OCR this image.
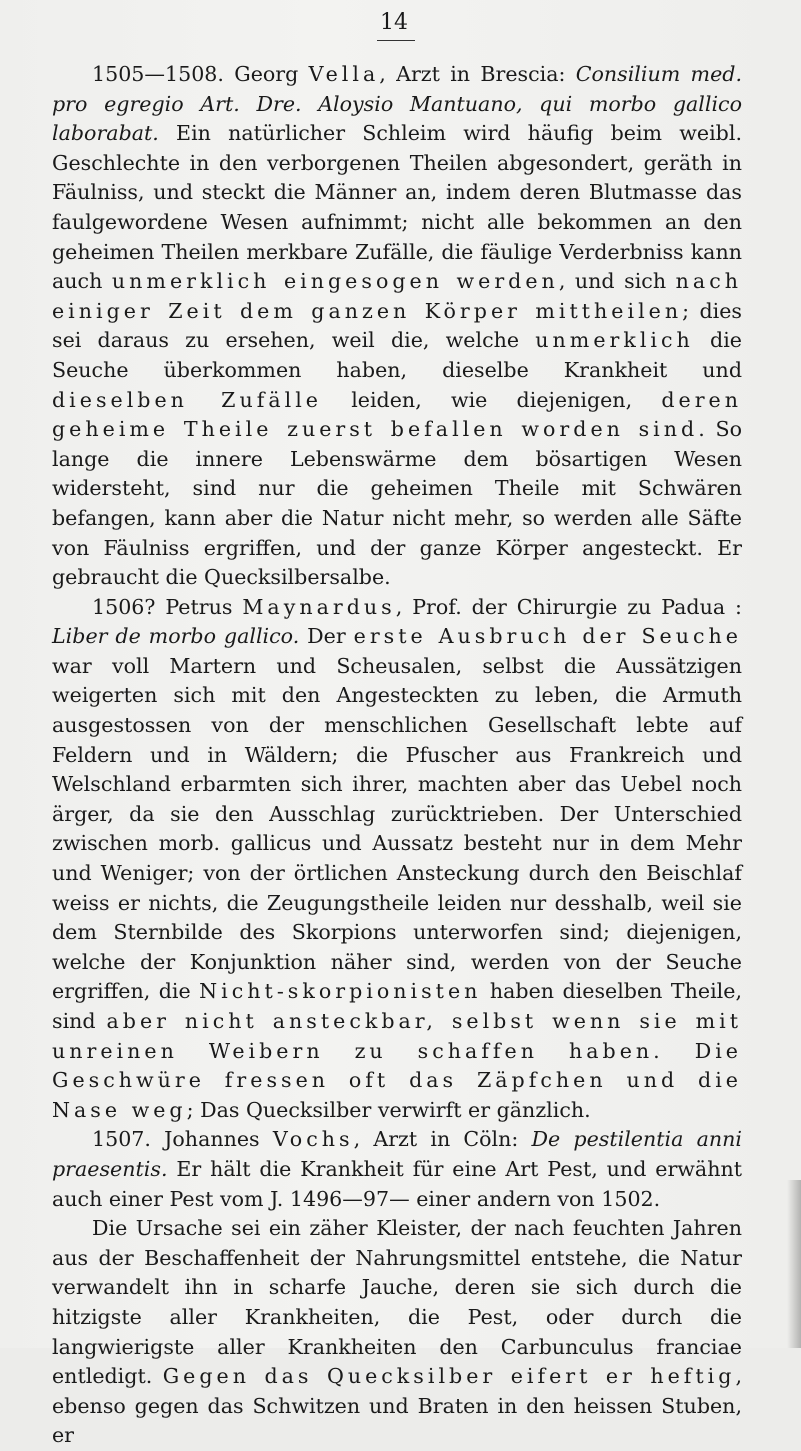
14

1505—1508. Georg Vella, Arzt in Brescia: Consilium med. pro egregio Art. Dre. Aloysio Mantuano, qui morbo gallico laborabat. Ein natürlicher Schleim wird häufig beim weibl. Geschlechte in den verborgenen Theilen abgesondert, geräth in Fäulniss, und steckt die Männer an, indem deren Blutmasse das faulgewordene Wesen aufnimmt; nicht alle bekommen an den geheimen Theilen merkbare Zufälle, die fäulige Verderbniss kann auch unmerklich eingesogen werden, und sich nach einiger Zeit dem ganzen Körper mittheilen; dies sei daraus zu ersehen, weil die, welche unmerklich die Seuche überkommen haben, dieselbe Krankheit und dieselben Zufälle leiden, wie diejenigen, deren geheime Theile zuerst befallen worden sind. So lange die innere Lebenswärme dem bösartigen Wesen widersteht, sind nur die geheimen Theile mit Schwären befangen, kann aber die Natur nicht mehr, so werden alle Säfte von Fäulniss ergriffen, und der ganze Körper angesteckt. Er gebraucht die Quecksilbersalbe.

1506? Petrus Maynardus, Prof. der Chirurgie zu Padua : Liber de morbo gallico. Der erste Ausbruch der Seuche war voll Martern und Scheusalen, selbst die Aussätzigen weigerten sich mit den Angesteckten zu leben, die Armuth ausgestossen von der menschlichen Gesellschaft lebte auf Feldern und in Wäldern; die Pfuscher aus Frankreich und Welschland erbarmten sich ihrer, machten aber das Uebel noch ärger, da sie den Ausschlag zurücktrieben. Der Unterschied zwischen morb. gallicus und Aussatz besteht nur in dem Mehr und Weniger; von der örtlichen Ansteckung durch den Beischlaf weiss er nichts, die Zeugungstheile leiden nur desshalb, weil sie dem Sternbilde des Skorpions unterworfen sind; diejenigen, welche der Konjunktion näher sind, werden von der Seuche ergriffen, die Nicht-skorpionisten haben dieselben Theile, sind aber nicht ansteckbar, selbst wenn sie mit unreinen Weibern zu schaffen haben. Die Geschwüre fressen oft das Zäpfchen und die Nase weg; Das Quecksilber verwirft er gänzlich.

1507. Johannes Vochs, Arzt in Cöln: De pestilentia anni praesentis. Er hält die Krankheit für eine Art Pest, und erwähnt auch einer Pest vom J. 1496—97— einer andern von 1502.

Die Ursache sei ein zäher Kleister, der nach feuchten Jahren aus der Beschaffenheit der Nahrungsmittel entstehe, die Natur verwandelt ihn in scharfe Jauche, deren sie sich durch die hitzigste aller Krankheiten, die Pest, oder durch die langwierigste aller Krankheiten den Carbunculus franciae entledigt. Gegen das Quecksilber eifert er heftig, ebenso gegen das Schwitzen und Braten in den heissen Stuben, er
